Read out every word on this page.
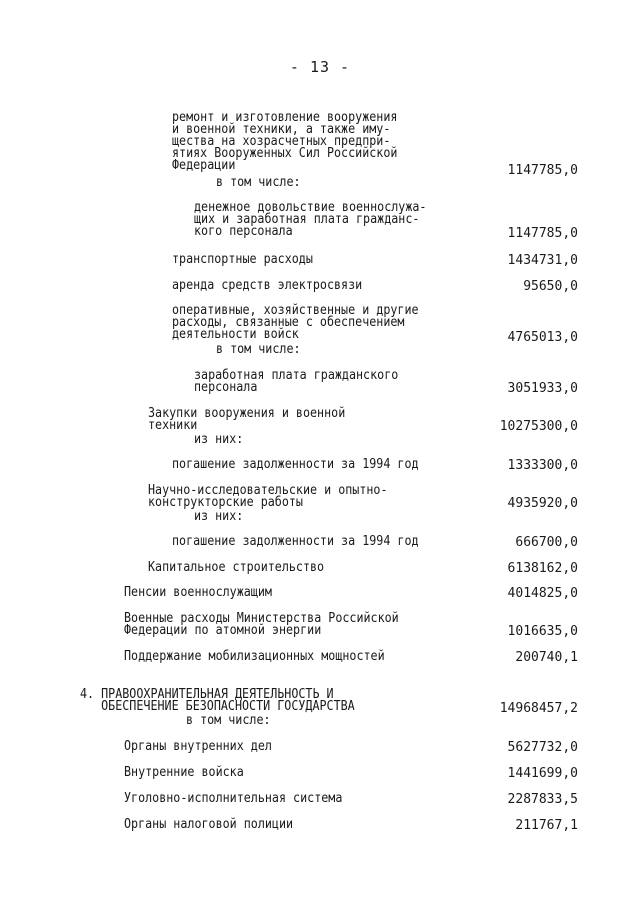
- 13 -
ремонт и изготовление вооружения
и военной техники, а также иму-
щества на хозрасчетных предпри-
ятиях Вооруженных Сил Российской
Федерации	1147785,0
в том числе:
денежное довольствие военнослужа-
щих и заработная плата гражданс-
кого персонала	1147785,0
транспортные расходы	1434731,0
аренда средств электросвязи	95650,0
оперативные, хозяйственные и другие
расходы, связанные с обеспечением
деятельности войск	4765013,0
в том числе:
заработная плата гражданского
персонала	3051933,0
Закупки вооружения и военной
техники	10275300,0
из них:
погашение задолженности за 1994 год	1333300,0
Научно-исследовательские и опытно-
конструкторские работы	4935920,0
из них:
погашение задолженности за 1994 год	666700,0
Капитальное строительство	6138162,0
Пенсии военнослужащим	4014825,0
Военные расходы Министерства Российской
Федерации по атомной энергии	1016635,0
Поддержание мобилизационных мощностей	200740,1
4. ПРАВООХРАНИТЕЛЬНАЯ ДЕЯТЕЛЬНОСТЬ И
ОБЕСПЕЧЕНИЕ БЕЗОПАСНОСТИ ГОСУДАРСТВА	14968457,2
в том числе:
Органы внутренних дел	5627732,0
Внутренние войска	1441699,0
Уголовно-исполнительная система	2287833,5
Органы налоговой полиции	211767,1
